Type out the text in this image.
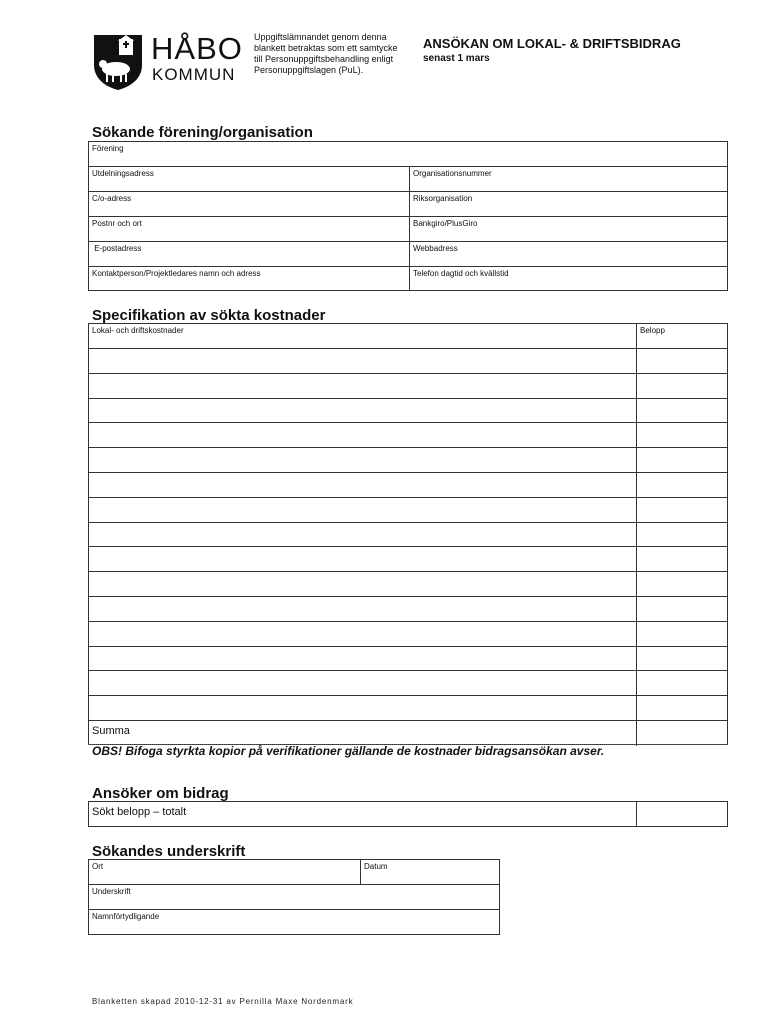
HÅBO
KOMMUN
Uppgiftslämnandet genom denna
blankett betraktas som ett samtycke
till Personuppgiftsbehandling enligt
Personuppgiftslagen (PuL).
ANSÖKAN OM LOKAL- & DRIFTSBIDRAG
senast 1 mars
Sökande förening/organisation
Förening
Utdelningsadress	Organisationsnummer
C/o-adress	Riksorganisation
Postnr och ort	Bankgiro/PlusGiro
E-postadress	Webbadress
Kontaktperson/Projektledares namn och adress	Telefon dagtid och kvällstid
Specifikation av sökta kostnader
Lokal- och driftskostnader	Belopp
Summa
OBS! Bifoga styrkta kopior på verifikationer gällande de kostnader bidragsansökan avser.
Ansöker om bidrag
Sökt belopp – totalt
Sökandes underskrift
Ort	Datum
Underskrift
Namnförtydligande
Blanketten skapad 2010-12-31 av Pernilla Maxe Nordenmark
